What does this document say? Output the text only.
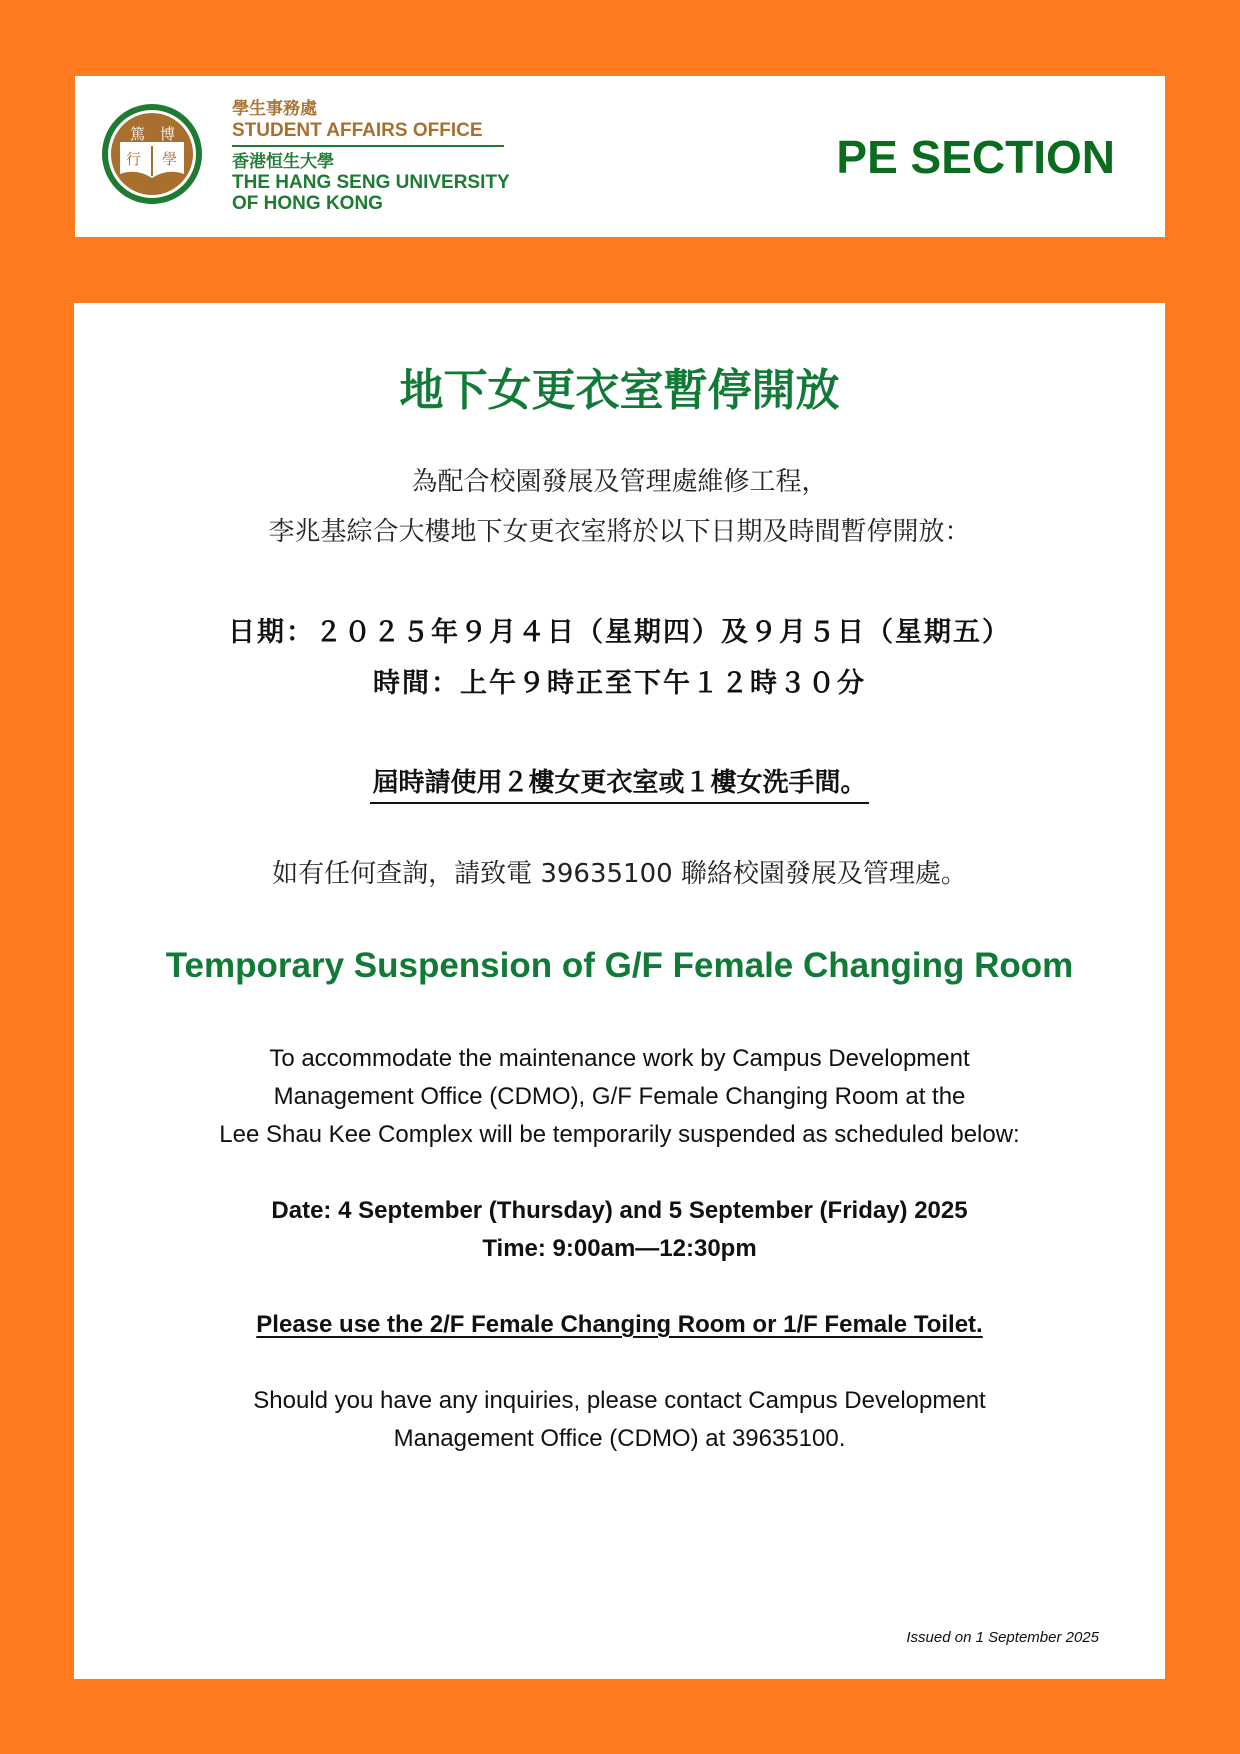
篤 博
行 學
學生事務處
STUDENT AFFAIRS OFFICE
香港恒生大學
THE HANG SENG UNIVERSITY
OF HONG KONG
PE SECTION
地下女更衣室暫停開放
為配合校園發展及管理處維修工程，
李兆基綜合大樓地下女更衣室將於以下日期及時間暫停開放：
日期：２０２５年９月４日（星期四）及９月５日（星期五）
時間：上午９時正至下午１２時３０分
屆時請使用２樓女更衣室或１樓女洗手間。
如有任何查詢，請致電 39635100 聯絡校園發展及管理處。
Temporary Suspension of G/F Female Changing Room
To accommodate the maintenance work by Campus Development
Management Office (CDMO), G/F Female Changing Room at the
Lee Shau Kee Complex will be temporarily suspended as scheduled below:
Date: 4 September (Thursday) and 5 September (Friday) 2025
Time: 9:00am—12:30pm
Please use the 2/F Female Changing Room or 1/F Female Toilet.
Should you have any inquiries, please contact Campus Development
Management Office (CDMO) at 39635100.
Issued on 1 September 2025
